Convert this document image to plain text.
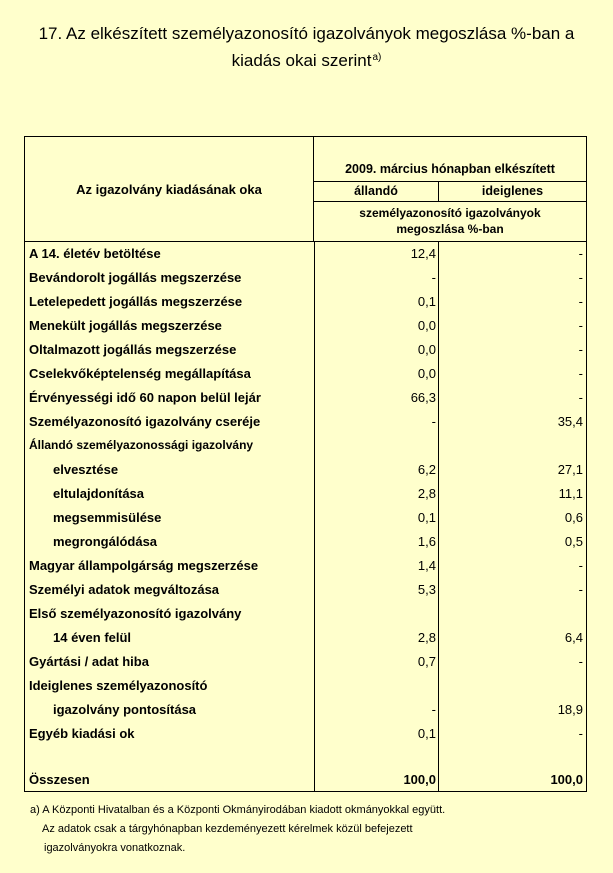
17. Az elkészített személyazonosító igazolványok megoszlása %-ban a
kiadás okai szerint$^{a)}$
Az igazolvány kiadásának oka
2009. március hónapban elkészített
állandó	ideiglenes
személyazonosító igazolványok
megoszlása %-ban
A 14. életév betöltése	12,4	-
Bevándorolt jogállás megszerzése	-	-
Letelepedett jogállás megszerzése	0,1	-
Menekült jogállás megszerzése	0,0	-
Oltalmazott jogállás megszerzése	0,0	-
Cselekvőképtelenség megállapítása	0,0	-
Érvényességi idő 60 napon belül lejár	66,3	-
Személyazonosító igazolvány cseréje	-	35,4
Állandó személyazonossági igazolvány
elvesztése	6,2	27,1
eltulajdonítása	2,8	11,1
megsemmisülése	0,1	0,6
megrongálódása	1,6	0,5
Magyar állampolgárság megszerzése	1,4	-
Személyi adatok megváltozása	5,3	-
Első személyazonosító igazolvány
14 éven felül	2,8	6,4
Gyártási / adat hiba	0,7	-
Ideiglenes személyazonosító
igazolvány pontosítása	-	18,9
Egyéb kiadási ok	0,1	-
Összesen	100,0	100,0
a) A Központi Hivatalban és a Központi Okmányirodában kiadott okmányokkal együtt.
Az adatok csak a tárgyhónapban kezdeményezett kérelmek közül befejezett
igazolványokra vonatkoznak.
